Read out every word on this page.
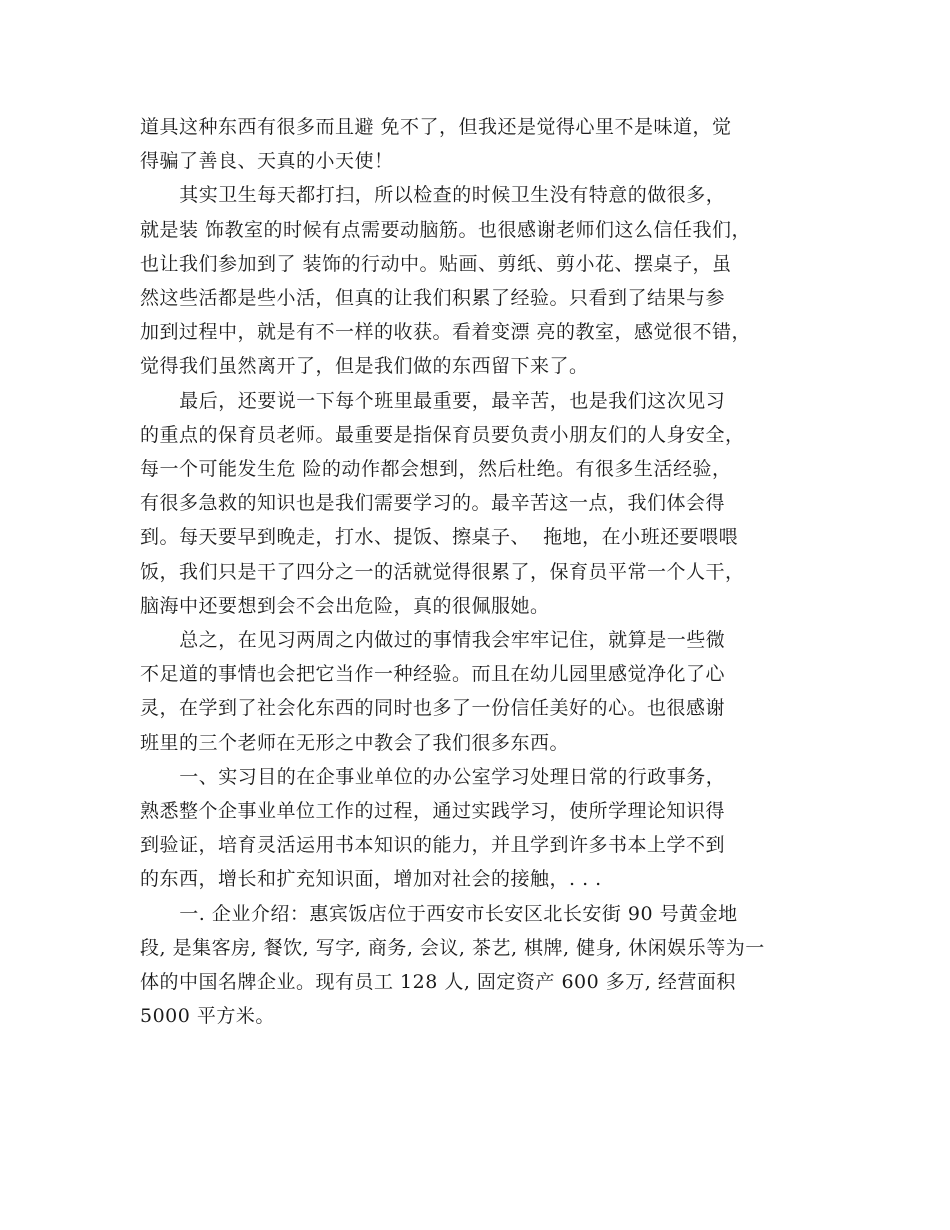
道具这种东西有很多而且避 免不了，但我还是觉得心里不是味道，觉
得骗了善良、天真的小天使！
其实卫生每天都打扫，所以检查的时候卫生没有特意的做很多，
就是装 饰教室的时候有点需要动脑筋。也很感谢老师们这么信任我们，
也让我们参加到了 装饰的行动中。贴画、剪纸、剪小花、摆桌子，虽
然这些活都是些小活，但真的让我们积累了经验。只看到了结果与参
加到过程中，就是有不一样的收获。看着变漂 亮的教室，感觉很不错，
觉得我们虽然离开了，但是我们做的东西留下来了。
最后，还要说一下每个班里最重要，最辛苦，也是我们这次见习
的重点的保育员老师。最重要是指保育员要负责小朋友们的人身安全，
每一个可能发生危 险的动作都会想到，然后杜绝。有很多生活经验，
有很多急救的知识也是我们需要学习的。最辛苦这一点，我们体会得
到。每天要早到晚走，打水、提饭、擦桌子、  拖地，在小班还要喂喂
饭，我们只是干了四分之一的活就觉得很累了，保育员平常一个人干，
脑海中还要想到会不会出危险，真的很佩服她。
总之，在见习两周之内做过的事情我会牢牢记住，就算是一些微
不足道的事情也会把它当作一种经验。而且在幼儿园里感觉净化了心
灵，在学到了社会化东西的同时也多了一份信任美好的心。也很感谢
班里的三个老师在无形之中教会了我们很多东西。
一、实习目的在企事业单位的办公室学习处理日常的行政事务，
熟悉整个企事业单位工作的过程，通过实践学习，使所学理论知识得
到验证，培育灵活运用书本知识的能力，并且学到许多书本上学不到
的东西，增长和扩充知识面，增加对社会的接触，. . .
一. 企业介绍：惠宾饭店位于西安市长安区北长安街 90 号黄金地
段, 是集客房, 餐饮, 写字, 商务, 会议, 茶艺, 棋牌, 健身, 休闲娱乐等为一
体的中国名牌企业。现有员工 128 人, 固定资产 600 多万, 经营面积
5000 平方米。
